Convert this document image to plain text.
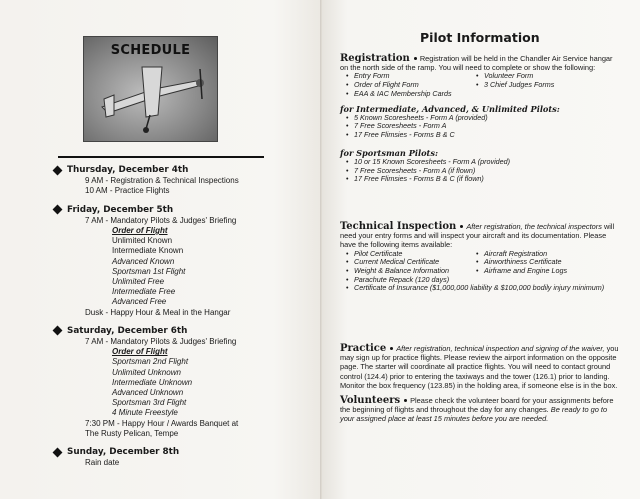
SCHEDULE
Thursday, December 4th
9 AM - Registration & Technical Inspections
10 AM - Practice Flights
Friday, December 5th
7 AM - Mandatory Pilots & Judges' Briefing
Order of Flight
Unlimited Known
Intermediate Known
Advanced Known
Sportsman 1st Flight
Unlimited Free
Intermediate Free
Advanced Free
Dusk - Happy Hour & Meal in the Hangar
Saturday, December 6th
7 AM - Mandatory Pilots & Judges' Briefing
Order of Flight
Sportsman 2nd Flight
Unlimited Unknown
Intermediate Unknown
Advanced Unknown
Sportsman 3rd Flight
4 Minute Freestyle
7:30 PM - Happy Hour / Awards Banquet at
The Rusty Pelican, Tempe
Sunday, December 8th
Rain date
Pilot Information
Registration Registration will be held in the Chandler Air Service hangar on the north side of the ramp. You will need to complete or show the following:
• Entry Form
• Order of Flight Form
• EAA & IAC Membership Cards
• Volunteer Form
• 3 Chief Judges Forms
for Intermediate, Advanced, & Unlimited Pilots:
• 5 Known Scoresheets - Form A (provided)
• 7 Free Scoresheets - Form A
• 17 Free Flimsies - Forms B & C
for Sportsman Pilots:
• 10 or 15 Known Scoresheets - Form A (provided)
• 7 Free Scoresheets - Form A (if flown)
• 17 Free Flimsies - Forms B & C (if flown)
Technical Inspection After registration, the technical inspectors will need your entry forms and will inspect your aircraft and its documentation. Please have the following items available:
• Pilot Certificate
• Current Medical Certificate
• Weight & Balance Information
• Parachute Repack (120 days)
• Aircraft Registration
• Airworthiness Certificate
• Airframe and Engine Logs
• Certificate of Insurance ($1,000,000 liability & $100,000 bodily injury minimum)
Practice After registration, technical inspection and signing of the waiver, you may sign up for practice flights. Please review the airport information on the opposite page. The starter will coordinate all practice flights. You will need to contact ground control (124.4) prior to entering the taxiways and the tower (126.1) prior to landing. Monitor the box frequency (123.85) in the holding area, if someone else is in the box.
Volunteers Please check the volunteer board for your assignments before the beginning of flights and throughout the day for any changes. Be ready to go to your assigned place at least 15 minutes before you are needed.
